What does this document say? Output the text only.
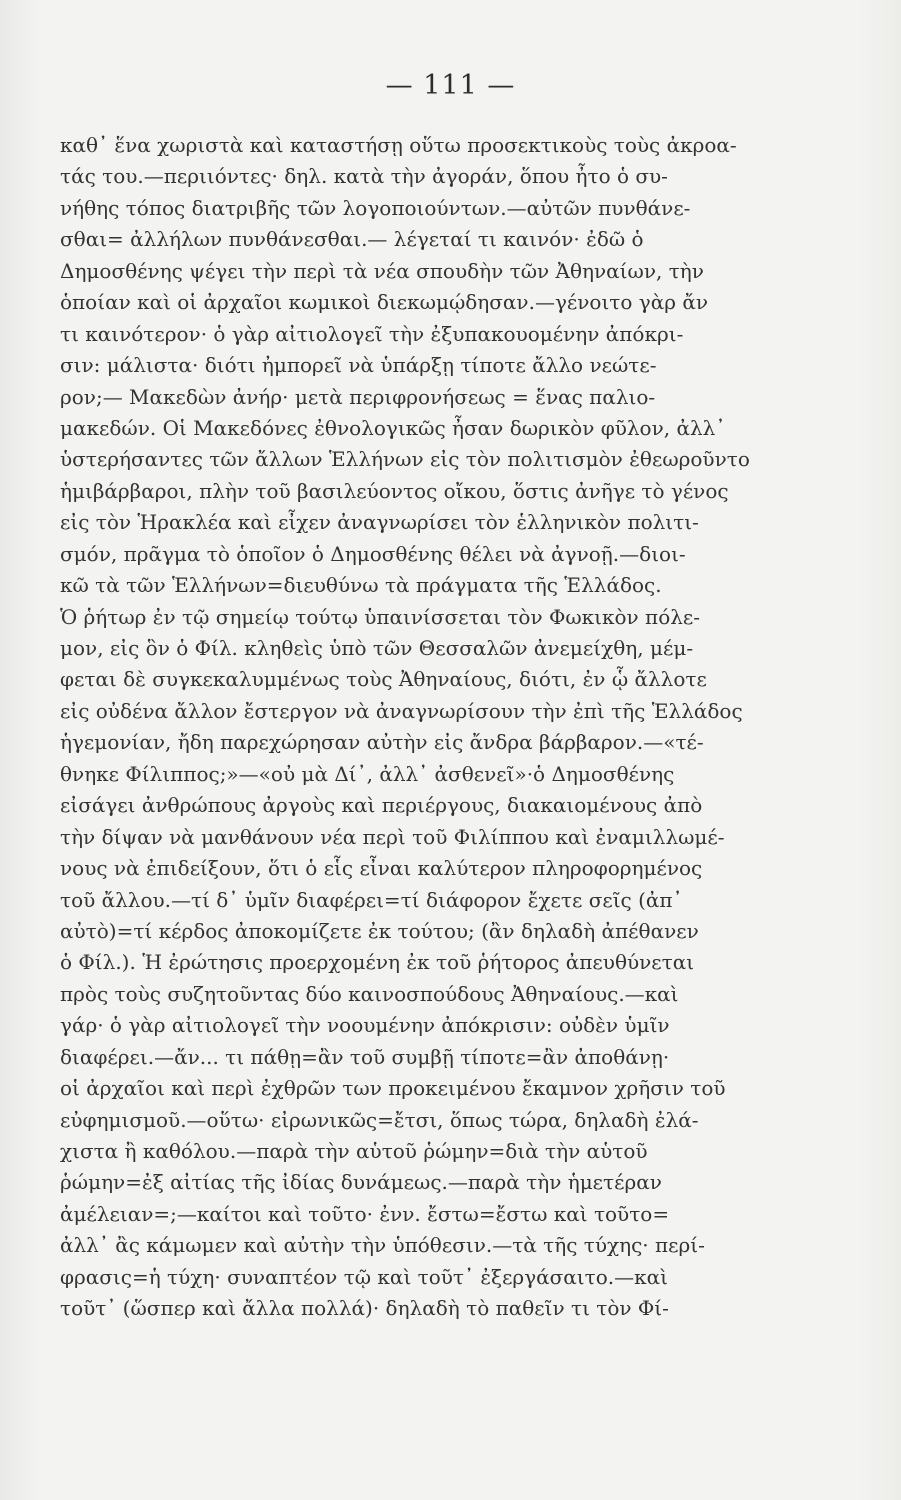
— 111 —
καθ᾽ ἕνα χωριστὰ καὶ καταστήσῃ οὕτω προσεκτικοὺς τοὺς ἀκροα-
τάς του.—περιιόντες· δηλ. κατὰ τὴν ἀγοράν, ὅπου ἦτο ὁ συ-
νήθης τόπος διατριβῆς τῶν λογοποιούντων.—αὐτῶν πυνθάνε-
σθαι= ἀλλήλων πυνθάνεσθαι.— λέγεταί τι καινόν· ἐδῶ ὁ
Δημοσθένης ψέγει τὴν περὶ τὰ νέα σπουδὴν τῶν Ἀθηναίων, τὴν
ὁποίαν καὶ οἱ ἀρχαῖοι κωμικοὶ διεκωμῴδησαν.—γένοιτο γὰρ ἄν
τι καινότερον· ὁ γὰρ αἰτιολογεῖ τὴν ἐξυπακουομένην ἀπόκρι-
σιν: μάλιστα· διότι ἠμπορεῖ νὰ ὑπάρξῃ τίποτε ἄλλο νεώτε-
ρον;— Μακεδὼν ἀνήρ· μετὰ περιφρονήσεως = ἕνας παλιο-
μακεδών. Οἱ Μακεδόνες ἐθνολογικῶς ἦσαν δωρικὸν φῦλον, ἀλλ᾽
ὑστερήσαντες τῶν ἄλλων Ἑλλήνων εἰς τὸν πολιτισμὸν ἐθεωροῦντο
ἡμιβάρβαροι, πλὴν τοῦ βασιλεύοντος οἴκου, ὅστις ἀνῆγε τὸ γένος
εἰς τὸν Ἡρακλέα καὶ εἶχεν ἀναγνωρίσει τὸν ἑλληνικὸν πολιτι-
σμόν, πρᾶγμα τὸ ὁποῖον ὁ Δημοσθένης θέλει νὰ ἀγνοῇ.—διοι-
κῶ τὰ τῶν Ἑλλήνων=διευθύνω τὰ πράγματα τῆς Ἑλλάδος.
Ὁ ῥήτωρ ἐν τῷ σημείῳ τούτῳ ὑπαινίσσεται τὸν Φωκικὸν πόλε-
μον, εἰς ὃν ὁ Φίλ. κληθεὶς ὑπὸ τῶν Θεσσαλῶν ἀνεμείχθη, μέμ-
φεται δὲ συγκεκαλυμμένως τοὺς Ἀθηναίους, διότι, ἐν ᾧ ἄλλοτε
εἰς οὐδένα ἄλλον ἔστεργον νὰ ἀναγνωρίσουν τὴν ἐπὶ τῆς Ἑλλάδος
ἡγεμονίαν, ἤδη παρεχώρησαν αὐτὴν εἰς ἄνδρα βάρβαρον.—«τέ-
θνηκε Φίλιππος;»—«οὐ μὰ Δί᾽, ἀλλ᾽ ἀσθενεῖ»·ὁ Δημοσθένης
εἰσάγει ἀνθρώπους ἀργοὺς καὶ περιέργους, διακαιομένους ἀπὸ
τὴν δίψαν νὰ μανθάνουν νέα περὶ τοῦ Φιλίππου καὶ ἐναμιλλωμέ-
νους νὰ ἐπιδείξουν, ὅτι ὁ εἷς εἶναι καλύτερον πληροφορημένος
τοῦ ἄλλου.—τί δ᾽ ὑμῖν διαφέρει=τί διάφορον ἔχετε σεῖς (ἀπ᾽
αὐτὸ)=τί κέρδος ἀποκομίζετε ἐκ τούτου; (ἂν δηλαδὴ ἀπέθανεν
ὁ Φίλ.). Ἡ ἐρώτησις προερχομένη ἐκ τοῦ ῥήτορος ἀπευθύνεται
πρὸς τοὺς συζητοῦντας δύο καινοσπούδους Ἀθηναίους.—καὶ
γάρ· ὁ γὰρ αἰτιολογεῖ τὴν νοουμένην ἀπόκρισιν: οὐδὲν ὑμῖν
διαφέρει.—ἄν... τι πάθῃ=ἂν τοῦ συμβῇ τίποτε=ἂν ἀποθάνῃ·
οἱ ἀρχαῖοι καὶ περὶ ἐχθρῶν των προκειμένου ἔκαμνον χρῆσιν τοῦ
εὐφημισμοῦ.—οὕτω· εἰρωνικῶς=ἔτσι, ὅπως τώρα, δηλαδὴ ἐλά-
χιστα ἢ καθόλου.—παρὰ τὴν αὑτοῦ ῥώμην=διὰ τὴν αὑτοῦ
ῥώμην=ἐξ αἰτίας τῆς ἰδίας δυνάμεως.—παρὰ τὴν ἡμετέραν
ἀμέλειαν=;—καίτοι καὶ τοῦτο· ἐνν. ἔστω=ἔστω καὶ τοῦτο=
ἀλλ᾽ ἂς κάμωμεν καὶ αὐτὴν τὴν ὑπόθεσιν.—τὰ τῆς τύχης· περί-
φρασις=ἡ τύχη· συναπτέον τῷ καὶ τοῦτ᾽ ἐξεργάσαιτο.—καὶ
τοῦτ᾽ (ὥσπερ καὶ ἄλλα πολλά)· δηλαδὴ τὸ παθεῖν τι τὸν Φί-
